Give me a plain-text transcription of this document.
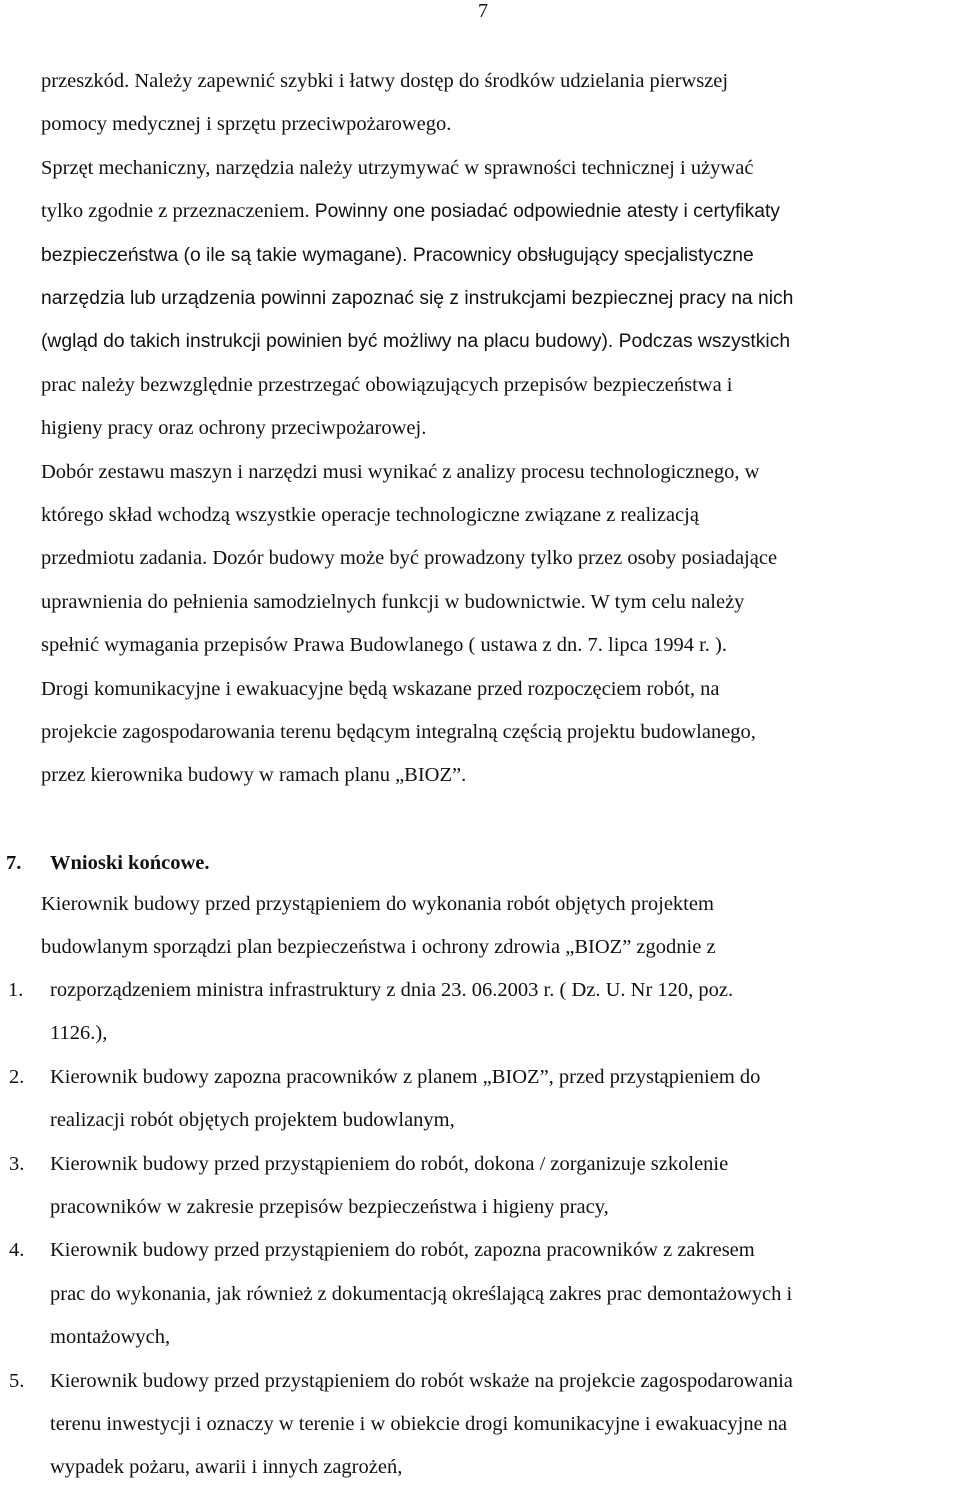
7
przeszkód. Należy zapewnić szybki i łatwy dostęp do środków udzielania pierwszej
pomocy medycznej i sprzętu przeciwpożarowego.
Sprzęt mechaniczny, narzędzia należy utrzymywać w sprawności technicznej i używać
tylko zgodnie z przeznaczeniem. Powinny one posiadać odpowiednie atesty i certyfikaty
bezpieczeństwa (o ile są takie wymagane). Pracownicy obsługujący specjalistyczne
narzędzia lub urządzenia powinni zapoznać się z instrukcjami bezpiecznej pracy na nich
(wgląd do takich instrukcji powinien być możliwy na placu budowy). Podczas wszystkich
prac należy bezwzględnie przestrzegać obowiązujących przepisów bezpieczeństwa i
higieny pracy oraz ochrony przeciwpożarowej.
Dobór zestawu maszyn i narzędzi musi wynikać z analizy procesu technologicznego, w
którego skład wchodzą wszystkie operacje technologiczne związane z realizacją
przedmiotu zadania. Dozór budowy może być prowadzony tylko przez osoby posiadające
uprawnienia do pełnienia samodzielnych funkcji w budownictwie. W tym celu należy
spełnić wymagania przepisów Prawa Budowlanego ( ustawa z dn. 7. lipca 1994 r. ).
Drogi komunikacyjne i ewakuacyjne będą wskazane przed rozpoczęciem robót, na
projekcie zagospodarowania terenu będącym integralną częścią projektu budowlanego,
przez kierownika budowy w ramach planu „BIOZ”.
7. Wnioski końcowe.
Kierownik budowy przed przystąpieniem do wykonania robót objętych projektem
budowlanym sporządzi plan bezpieczeństwa i ochrony zdrowia „BIOZ” zgodnie z
1.	rozporządzeniem ministra infrastruktury z dnia 23. 06.2003 r. ( Dz. U. Nr 120, poz.
1126.),
2.	Kierownik budowy zapozna pracowników z planem „BIOZ”, przed przystąpieniem do
realizacji robót objętych projektem budowlanym,
3.	Kierownik budowy przed przystąpieniem do robót, dokona / zorganizuje szkolenie
pracowników w zakresie przepisów bezpieczeństwa i higieny pracy,
4.	Kierownik budowy przed przystąpieniem do robót, zapozna pracowników z zakresem
prac do wykonania, jak również z dokumentacją określającą zakres prac demontażowych i
montażowych,
5.	Kierownik budowy przed przystąpieniem do robót wskaże na projekcie zagospodarowania
terenu inwestycji i oznaczy w terenie i w obiekcie drogi komunikacyjne i ewakuacyjne na
wypadek pożaru, awarii i innych zagrożeń,
